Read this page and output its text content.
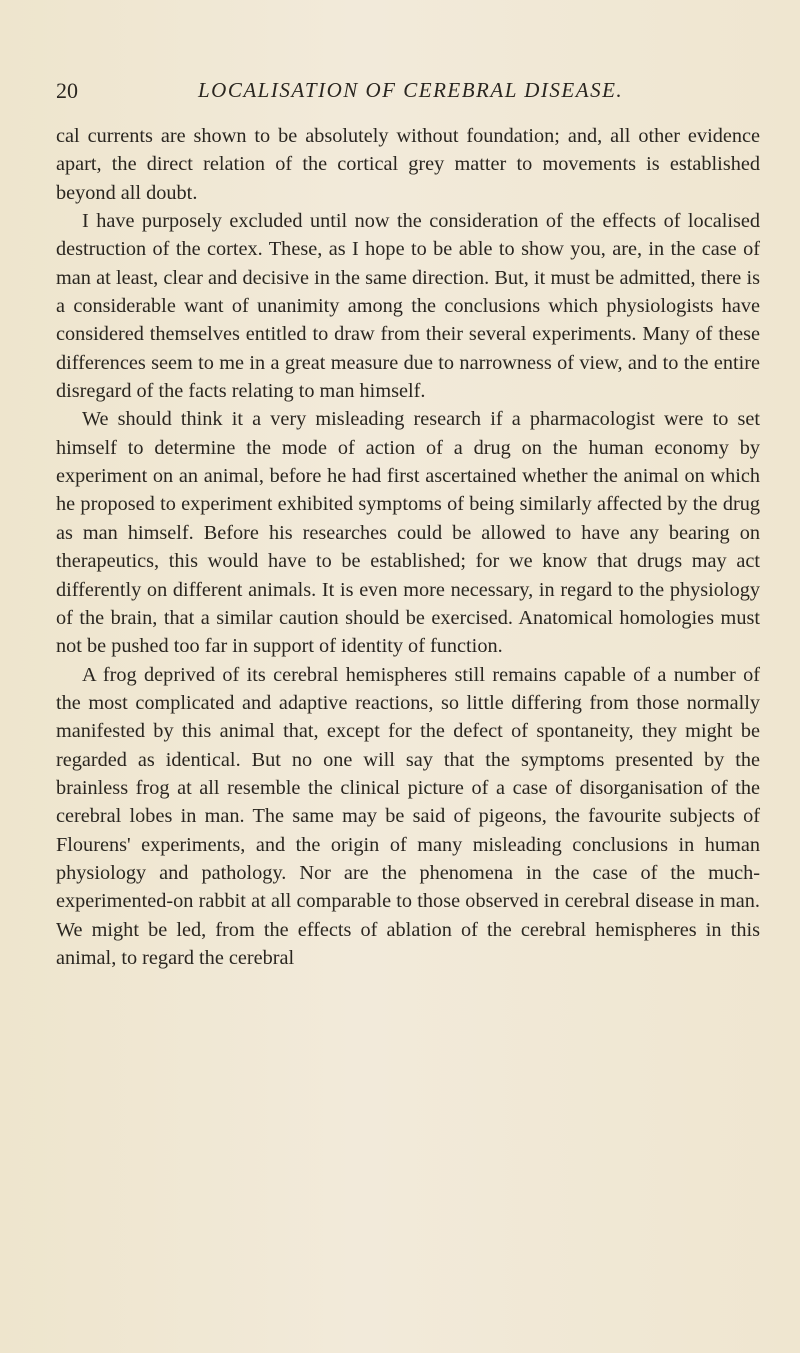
20	LOCALISATION OF CEREBRAL DISEASE.

cal currents are shown to be absolutely without foundation; and, all other evidence apart, the direct relation of the cortical grey matter to movements is established beyond all doubt.

I have purposely excluded until now the consideration of the effects of localised destruction of the cortex. These, as I hope to be able to show you, are, in the case of man at least, clear and decisive in the same direction. But, it must be admitted, there is a considerable want of unanimity among the conclusions which physiologists have considered themselves entitled to draw from their several experiments. Many of these differences seem to me in a great measure due to narrowness of view, and to the entire disregard of the facts relating to man himself.

We should think it a very misleading research if a pharmacologist were to set himself to determine the mode of action of a drug on the human economy by experiment on an animal, before he had first ascertained whether the animal on which he proposed to experiment exhibited symptoms of being similarly affected by the drug as man himself. Before his researches could be allowed to have any bearing on therapeutics, this would have to be established; for we know that drugs may act differently on different animals. It is even more necessary, in regard to the physiology of the brain, that a similar caution should be exercised. Anatomical homologies must not be pushed too far in support of identity of function.

A frog deprived of its cerebral hemispheres still remains capable of a number of the most complicated and adaptive reactions, so little differing from those normally manifested by this animal that, except for the defect of spontaneity, they might be regarded as identical. But no one will say that the symptoms presented by the brainless frog at all resemble the clinical picture of a case of disorganisation of the cerebral lobes in man. The same may be said of pigeons, the favourite subjects of Flourens' experiments, and the origin of many misleading conclusions in human physiology and pathology. Nor are the phenomena in the case of the much-experimented-on rabbit at all comparable to those observed in cerebral disease in man. We might be led, from the effects of ablation of the cerebral hemispheres in this animal, to regard the cerebral
